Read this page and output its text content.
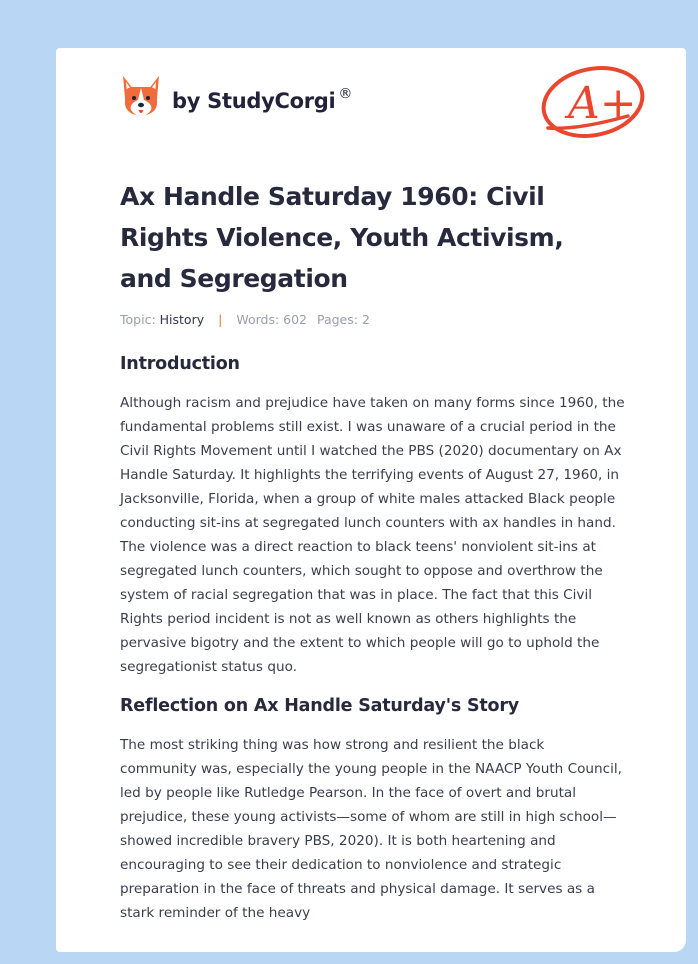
by StudyCorgi ®	A+
Ax Handle Saturday 1960: Civil
Rights Violence, Youth Activism,
and Segregation
Topic: History | Words: 602 Pages: 2
Introduction

Although racism and prejudice have taken on many forms since 1960, the
fundamental problems still exist. I was unaware of a crucial period in the
Civil Rights Movement until I watched the PBS (2020) documentary on Ax
Handle Saturday. It highlights the terrifying events of August 27, 1960, in
Jacksonville, Florida, when a group of white males attacked Black people
conducting sit-ins at segregated lunch counters with ax handles in hand.
The violence was a direct reaction to black teens' nonviolent sit-ins at
segregated lunch counters, which sought to oppose and overthrow the
system of racial segregation that was in place. The fact that this Civil
Rights period incident is not as well known as others highlights the
pervasive bigotry and the extent to which people will go to uphold the
segregationist status quo.

Reflection on Ax Handle Saturday's Story

The most striking thing was how strong and resilient the black
community was, especially the young people in the NAACP Youth Council,
led by people like Rutledge Pearson. In the face of overt and brutal
prejudice, these young activists—some of whom are still in high school—
showed incredible bravery PBS, 2020). It is both heartening and
encouraging to see their dedication to nonviolence and strategic
preparation in the face of threats and physical damage. It serves as a
stark reminder of the heavy
